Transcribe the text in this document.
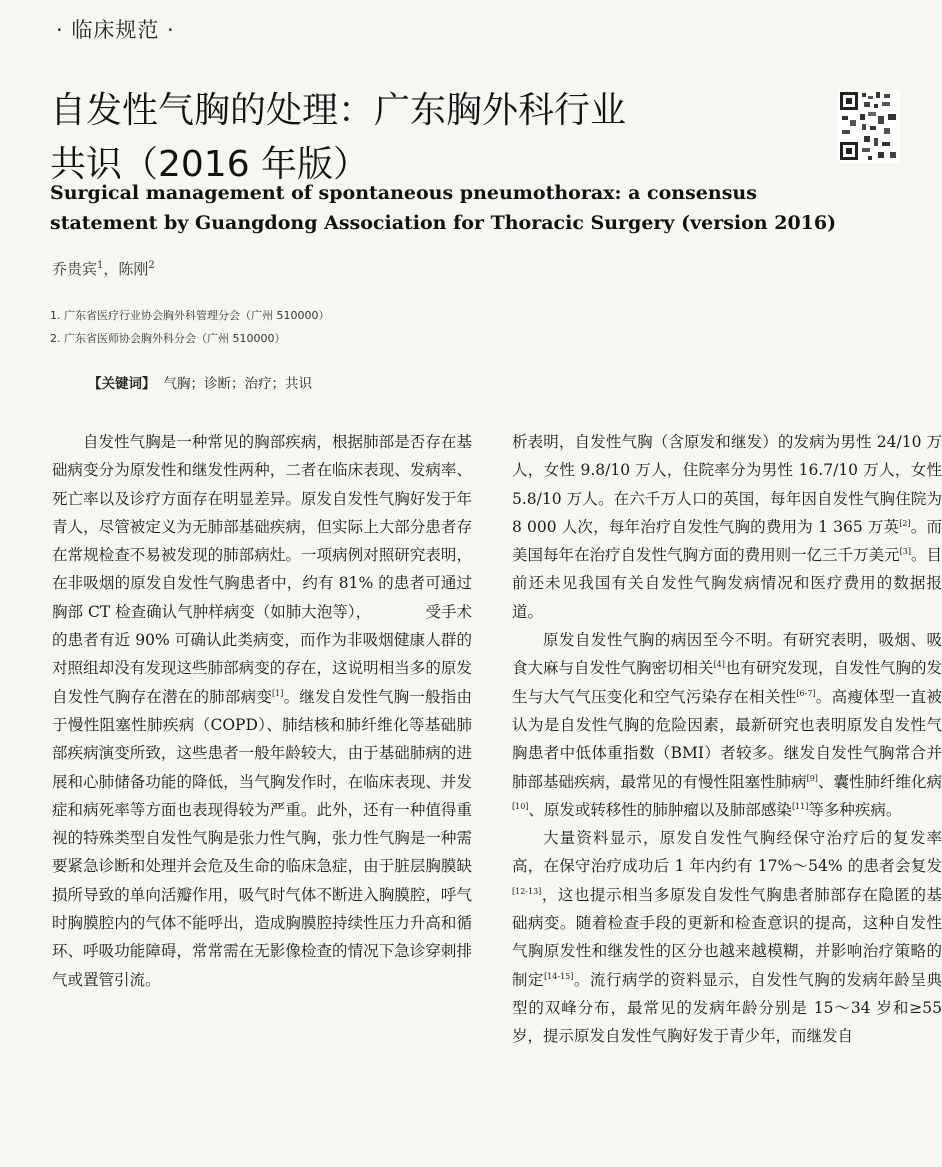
· 临床规范 ·
自发性气胸的处理：广东胸外科行业
共识（2016 年版）
Surgical management of spontaneous pneumothorax: a consensus statement by Guangdong Association for Thoracic Surgery (version 2016)
乔贵宾$^1$，陈刚$^2$
1. 广东省医疗行业协会胸外科管理分会（广州 510000）
2. 广东省医师协会胸外科分会（广州 510000）
【关键词】 气胸；诊断；治疗；共识

自发性气胸是一种常见的胸部疾病，根据肺部是否存在基础病变分为原发性和继发性两种，二者在临床表现、发病率、死亡率以及诊疗方面存在明显差异。原发自发性气胸好发于年青人，尽管被定义为无肺部基础疾病，但实际上大部分患者存在常规检查不易被发现的肺部病灶。一项病例对照研究表明，在非吸烟的原发自发性气胸患者中，约有 81% 的患者可通过胸部 CT 检查确认气肿样病变（如肺大泡等），　　　　受手术的患者有近 90% 可确认此类病变，而作为非吸烟健康人群的对照组却没有发现这些肺部病变的存在，这说明相当多的原发自发性气胸存在潜在的肺部病变[1]。继发自发性气胸一般指由于慢性阻塞性肺疾病（COPD）、肺结核和肺纤维化等基础肺部疾病演变所致，这些患者一般年龄较大，由于基础肺病的进展和心肺储备功能的降低，当气胸发作时，在临床表现、并发症和病死率等方面也表现得较为严重。此外，还有一种值得重视的特殊类型自发性气胸是张力性气胸，张力性气胸是一种需要紧急诊断和处理并会危及生命的临床急症，由于脏层胸膜缺损所导致的单向活瓣作用，吸气时气体不断进入胸膜腔，呼气时胸膜腔内的气体不能呼出，造成胸膜腔持续性压力升高和循环、呼吸功能障碍，常常需在无影像检查的情况下急诊穿刺排气或置管引流。

析表明，自发性气胸（含原发和继发）的发病为男性 24/10 万人，女性 9.8/10 万人，住院率分为男性 16.7/10 万人，女性 5.8/10 万人。在六千万人口的英国，每年因自发性气胸住院为 8 000 人次，每年治疗自发性气胸的费用为 1 365 万英[2]。而美国每年在治疗自发性气胸方面的费用则一亿三千万美元[3]。目前还未见我国有关自发性气胸发病情况和医疗费用的数据报道。

原发自发性气胸的病因至今不明。有研究表明，吸烟、吸食大麻与自发性气胸密切相关[4]也有研究发现，自发性气胸的发生与大气气压变化和空气污染存在相关性[6-7]。高瘦体型一直被认为是自发性气胸的危险因素，最新研究也表明原发自发性气胸患者中低体重指数（BMI）者较多。继发自发性气胸常合并肺部基础疾病，最常见的有慢性阻塞性肺病[9]、囊性肺纤维化病[10]、原发或转移性的肺肿瘤以及肺部感染[11]等多种疾病。

大量资料显示，原发自发性气胸经保守治疗后的复发率高，在保守治疗成功后 1 年内约有 17%～54% 的患者会复发[12-13]，这也提示相当多原发自发性气胸患者肺部存在隐匿的基础病变。随着检查手段的更新和检查意识的提高，这种自发性气胸原发性和继发性的区分也越来越模糊，并影响治疗策略的制定[14-15]。流行病学的资料显示，自发性气胸的发病年龄呈典型的双峰分布，最常见的发病年龄分别是 15～34 岁和≥55 岁，提示原发自发性气胸好发于青少年，而继发自
